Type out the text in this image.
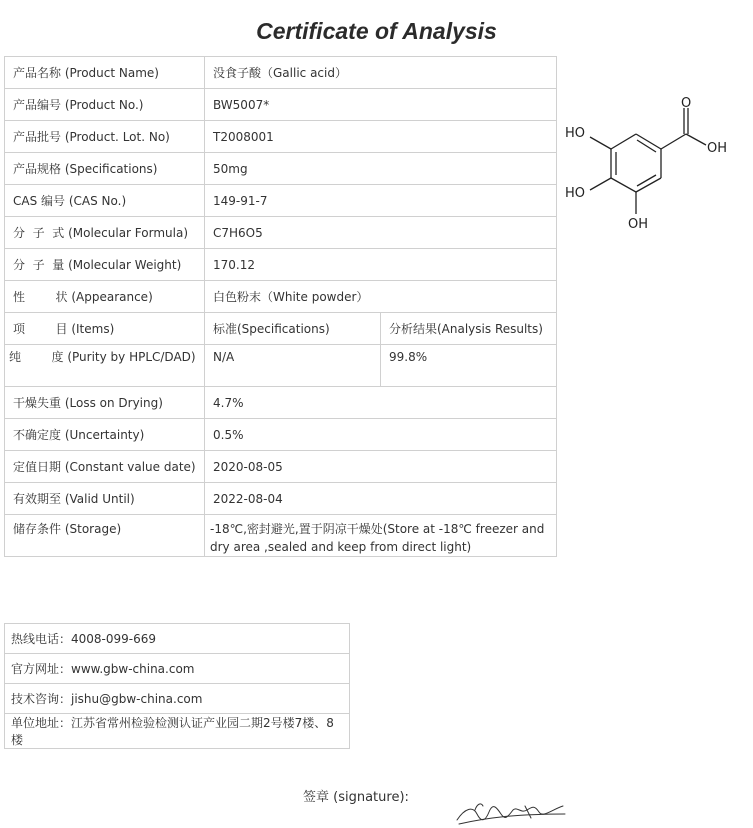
Certificate of Analysis
产品名称 (Product Name)	没食子酸（Gallic acid）	
产品编号 (Product No.)	BW5007*	
产品批号 (Product. Lot. No)	T2008001	
产品规格 (Specifications)	50mg	
CAS 编号 (CAS No.)	149-91-7	
分  子  式 (Molecular Formula)	C7H6O5	
分  子  量 (Molecular Weight)	170.12	
性        状 (Appearance)	白色粉末（White powder）	
项        目 (Items)	标准(Specifications)	分析结果(Analysis Results)
纯        度 (Purity by HPLC/DAD)	N/A	99.8%
干燥失重 (Loss on Drying)	4.7%	
不确定度 (Uncertainty)	0.5%	
定值日期 (Constant value date)	2020-08-05	
有效期至 (Valid Until)	2022-08-04	
储存条件 (Storage)	-18℃,密封避光,置于阴凉干燥处(Store at -18℃ freezer and dry area ,sealed and keep from direct light)	
O
OH
HO
HO
OH
热线电话：4008-099-669
官方网址：www.gbw-china.com
技术咨询：jishu@gbw-china.com
单位地址：江苏省常州检验检测认证产业园二期2号楼7楼、8楼
签章 (signature):
